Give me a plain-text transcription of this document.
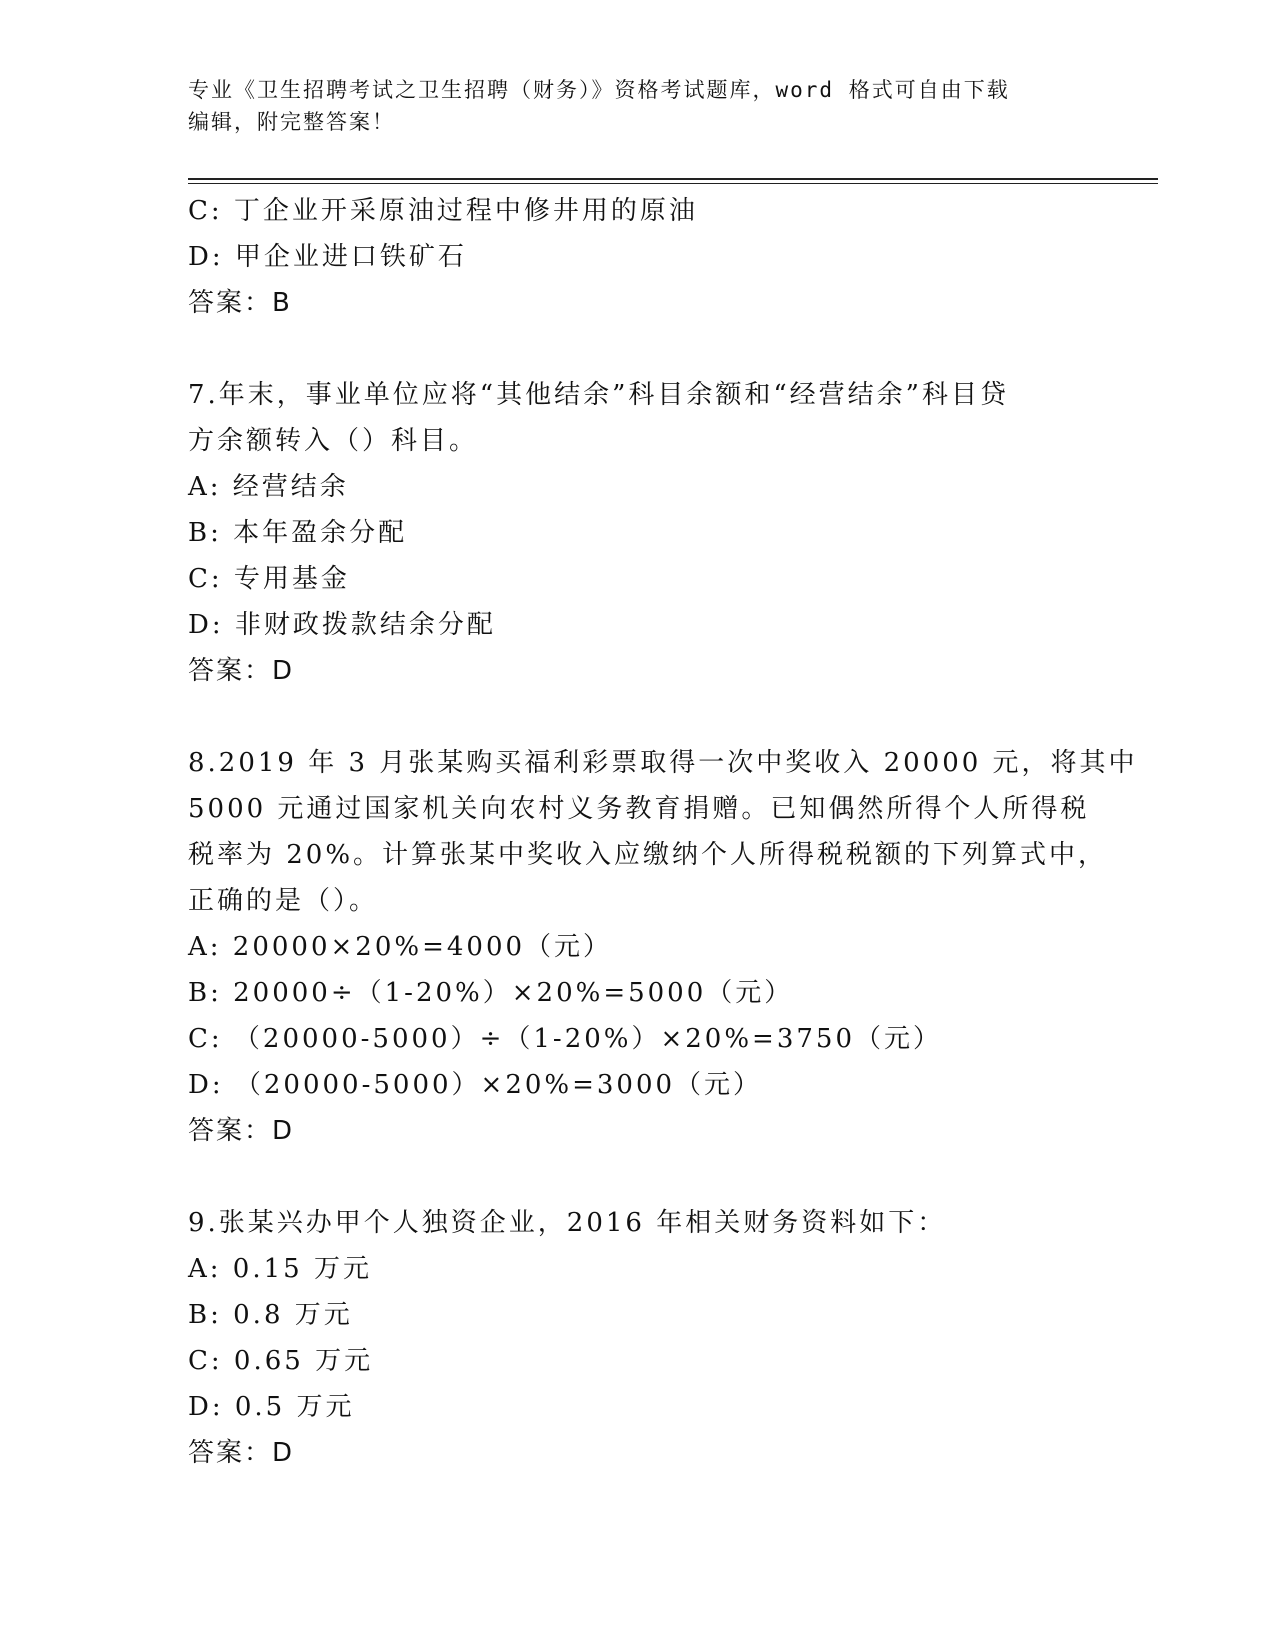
专业《卫生招聘考试之卫生招聘（财务）》资格考试题库，word 格式可自由下载
编辑，附完整答案！
C: 丁企业开采原油过程中修井用的原油
D: 甲企业进口铁矿石
答案：B
7.年末，事业单位应将“其他结余”科目余额和“经营结余”科目贷
方余额转入（）科目。
A: 经营结余
B: 本年盈余分配
C: 专用基金
D: 非财政拨款结余分配
答案：D
8.2019 年 3 月张某购买福利彩票取得一次中奖收入 20000 元，将其中
5000 元通过国家机关向农村义务教育捐赠。已知偶然所得个人所得税
税率为 20%。计算张某中奖收入应缴纳个人所得税税额的下列算式中，
正确的是（）。
A: 20000×20%=4000（元）
B: 20000÷（1-20%）×20%=5000（元）
C: （20000-5000）÷（1-20%）×20%=3750（元）
D: （20000-5000）×20%=3000（元）
答案：D
9.张某兴办甲个人独资企业，2016 年相关财务资料如下：
A: 0.15 万元
B: 0.8 万元
C: 0.65 万元
D: 0.5 万元
答案：D
